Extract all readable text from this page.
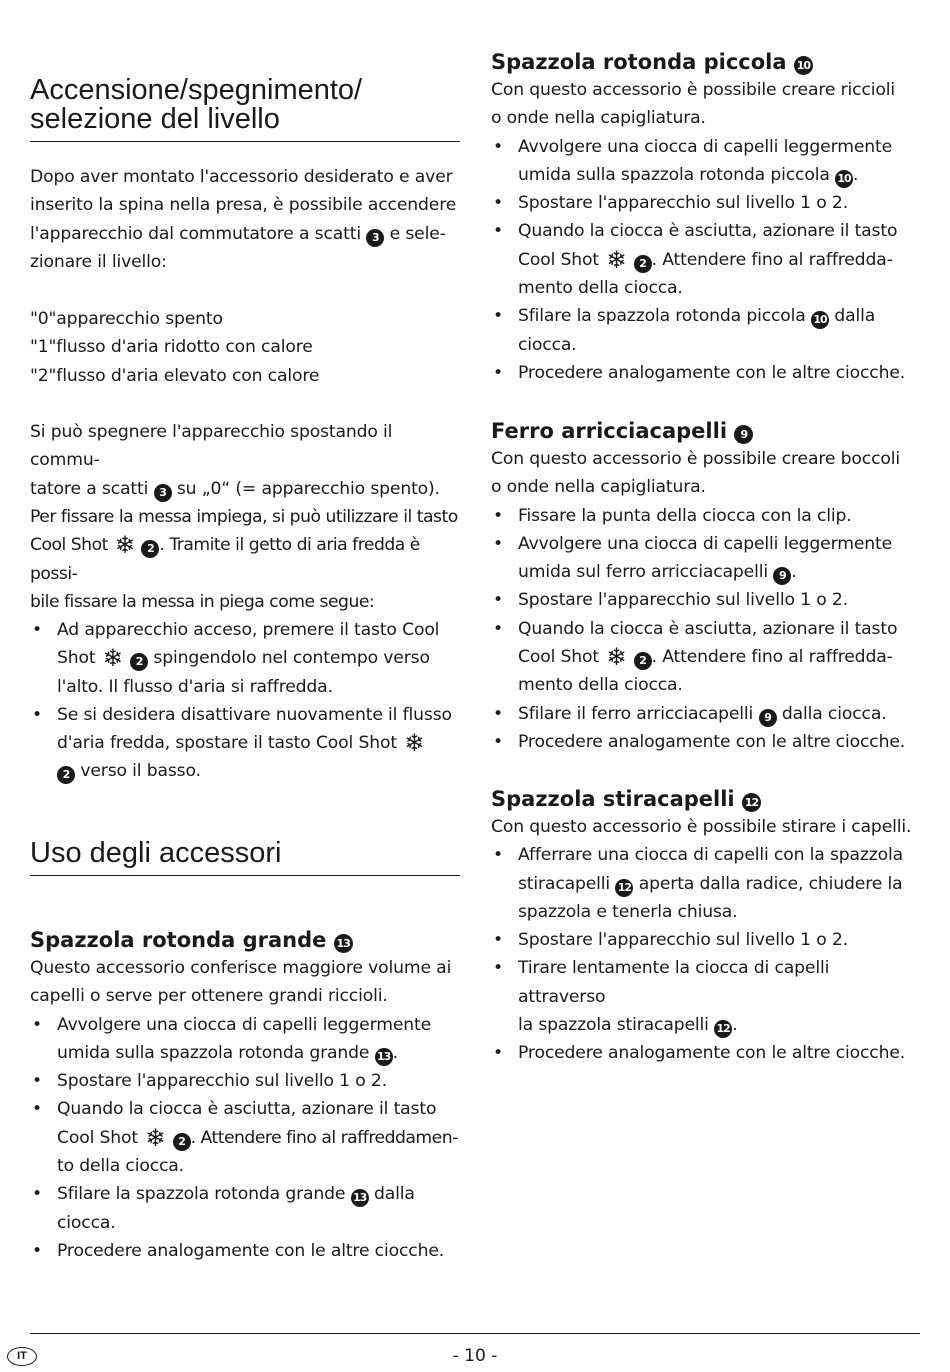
Accensione/spegnimento/
selezione del livello
Dopo aver montato l'accessorio desiderato e aver
inserito la spina nella presa, è possibile accendere
l'apparecchio dal commutatore a scatti 3 e sele-
zionare il livello:
"0"apparecchio spento
"1"flusso d'aria ridotto con calore
"2"flusso d'aria elevato con calore
Si può spegnere l'apparecchio spostando il commu-
tatore a scatti 3 su „0“ (= apparecchio spento).
Per fissare la messa impiega, si può utilizzare il tasto
Cool Shot ❄ 2 . Tramite il getto di aria fredda è possi-
bile fissare la messa in piega come segue:
• Ad apparecchio acceso, premere il tasto Cool
Shot ❄ 2 spingendolo nel contempo verso
l'alto. Il flusso d'aria si raffredda.
• Se si desidera disattivare nuovamente il flusso
d'aria fredda, spostare il tasto Cool Shot ❄
2 verso il basso.
Uso degli accessori
Spazzola rotonda grande 13
Questo accessorio conferisce maggiore volume ai
capelli o serve per ottenere grandi riccioli.
• Avvolgere una ciocca di capelli leggermente
umida sulla spazzola rotonda grande 13 .
• Spostare l'apparecchio sul livello 1 o 2.
• Quando la ciocca è asciutta, azionare il tasto
Cool Shot ❄ 2 . Attendere fino al raffreddamen-
to della ciocca.
• Sfilare la spazzola rotonda grande 13 dalla
ciocca.
• Procedere analogamente con le altre ciocche.
Spazzola rotonda piccola 10
Con questo accessorio è possibile creare riccioli
o onde nella capigliatura.
• Avvolgere una ciocca di capelli leggermente
umida sulla spazzola rotonda piccola 10 .
• Spostare l'apparecchio sul livello 1 o 2.
• Quando la ciocca è asciutta, azionare il tasto
Cool Shot ❄ 2 . Attendere fino al raffredda-
mento della ciocca.
• Sfilare la spazzola rotonda piccola 10 dalla
ciocca.
• Procedere analogamente con le altre ciocche.
Ferro arricciacapelli 9
Con questo accessorio è possibile creare boccoli
o onde nella capigliatura.
• Fissare la punta della ciocca con la clip.
• Avvolgere una ciocca di capelli leggermente
umida sul ferro arricciacapelli 9 .
• Spostare l'apparecchio sul livello 1 o 2.
• Quando la ciocca è asciutta, azionare il tasto
Cool Shot ❄ 2 . Attendere fino al raffredda-
mento della ciocca.
• Sfilare il ferro arricciacapelli 9 dalla ciocca.
• Procedere analogamente con le altre ciocche.
Spazzola stiracapelli 12
Con questo accessorio è possibile stirare i capelli.
• Afferrare una ciocca di capelli con la spazzola
stiracapelli 12 aperta dalla radice, chiudere la
spazzola e tenerla chiusa.
• Spostare l'apparecchio sul livello 1 o 2.
• Tirare lentamente la ciocca di capelli attraverso
la spazzola stiracapelli 12 .
• Procedere analogamente con le altre ciocche.
IT	- 10 -
